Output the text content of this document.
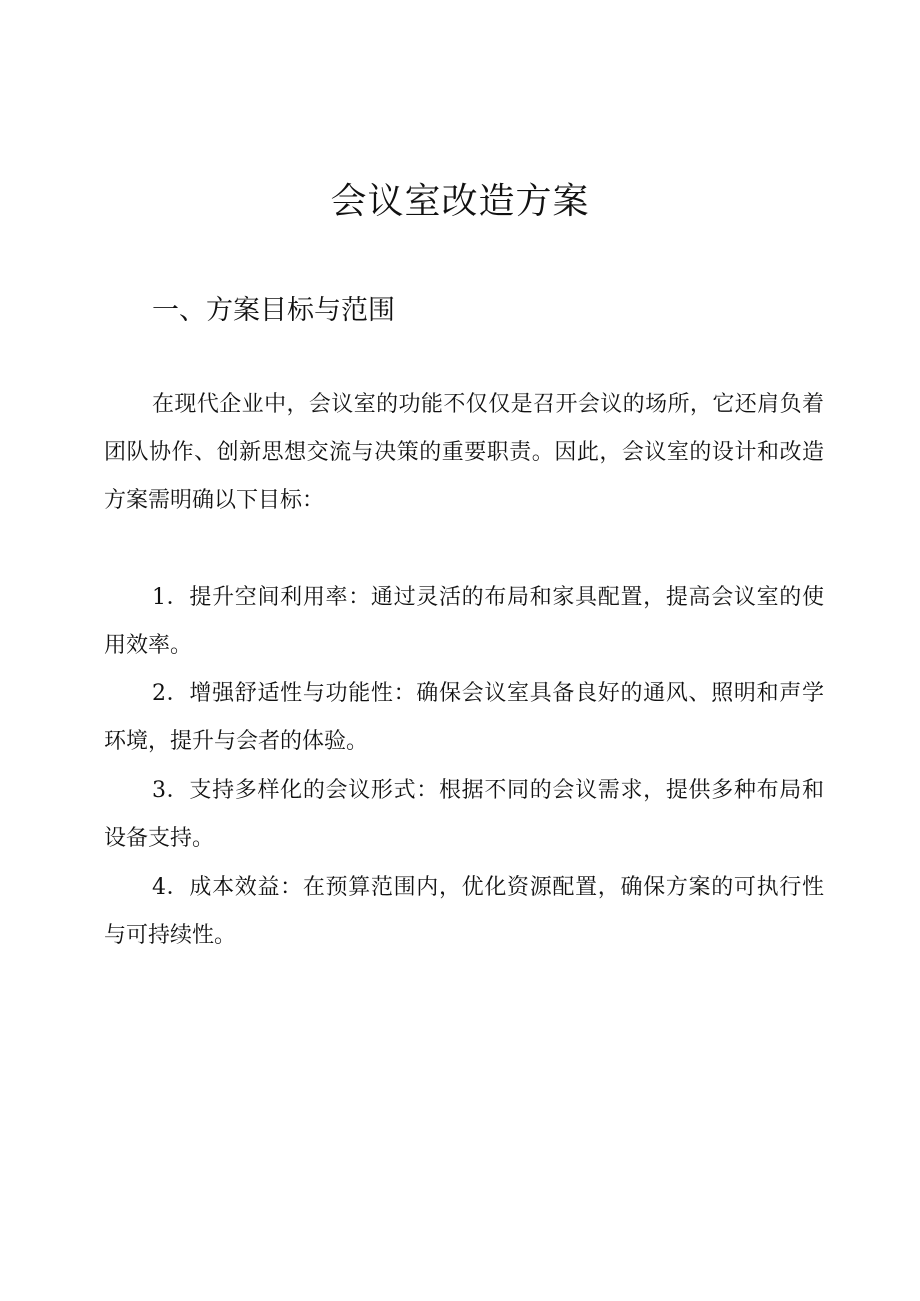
会议室改造方案
一、方案目标与范围

在现代企业中，会议室的功能不仅仅是召开会议的场所，它还肩负着团队协作、创新思想交流与决策的重要职责。因此，会议室的设计和改造方案需明确以下目标：

1．提升空间利用率：通过灵活的布局和家具配置，提高会议室的使用效率。

2．增强舒适性与功能性：确保会议室具备良好的通风、照明和声学环境，提升与会者的体验。

3．支持多样化的会议形式：根据不同的会议需求，提供多种布局和设备支持。

4．成本效益：在预算范围内，优化资源配置，确保方案的可执行性与可持续性。
